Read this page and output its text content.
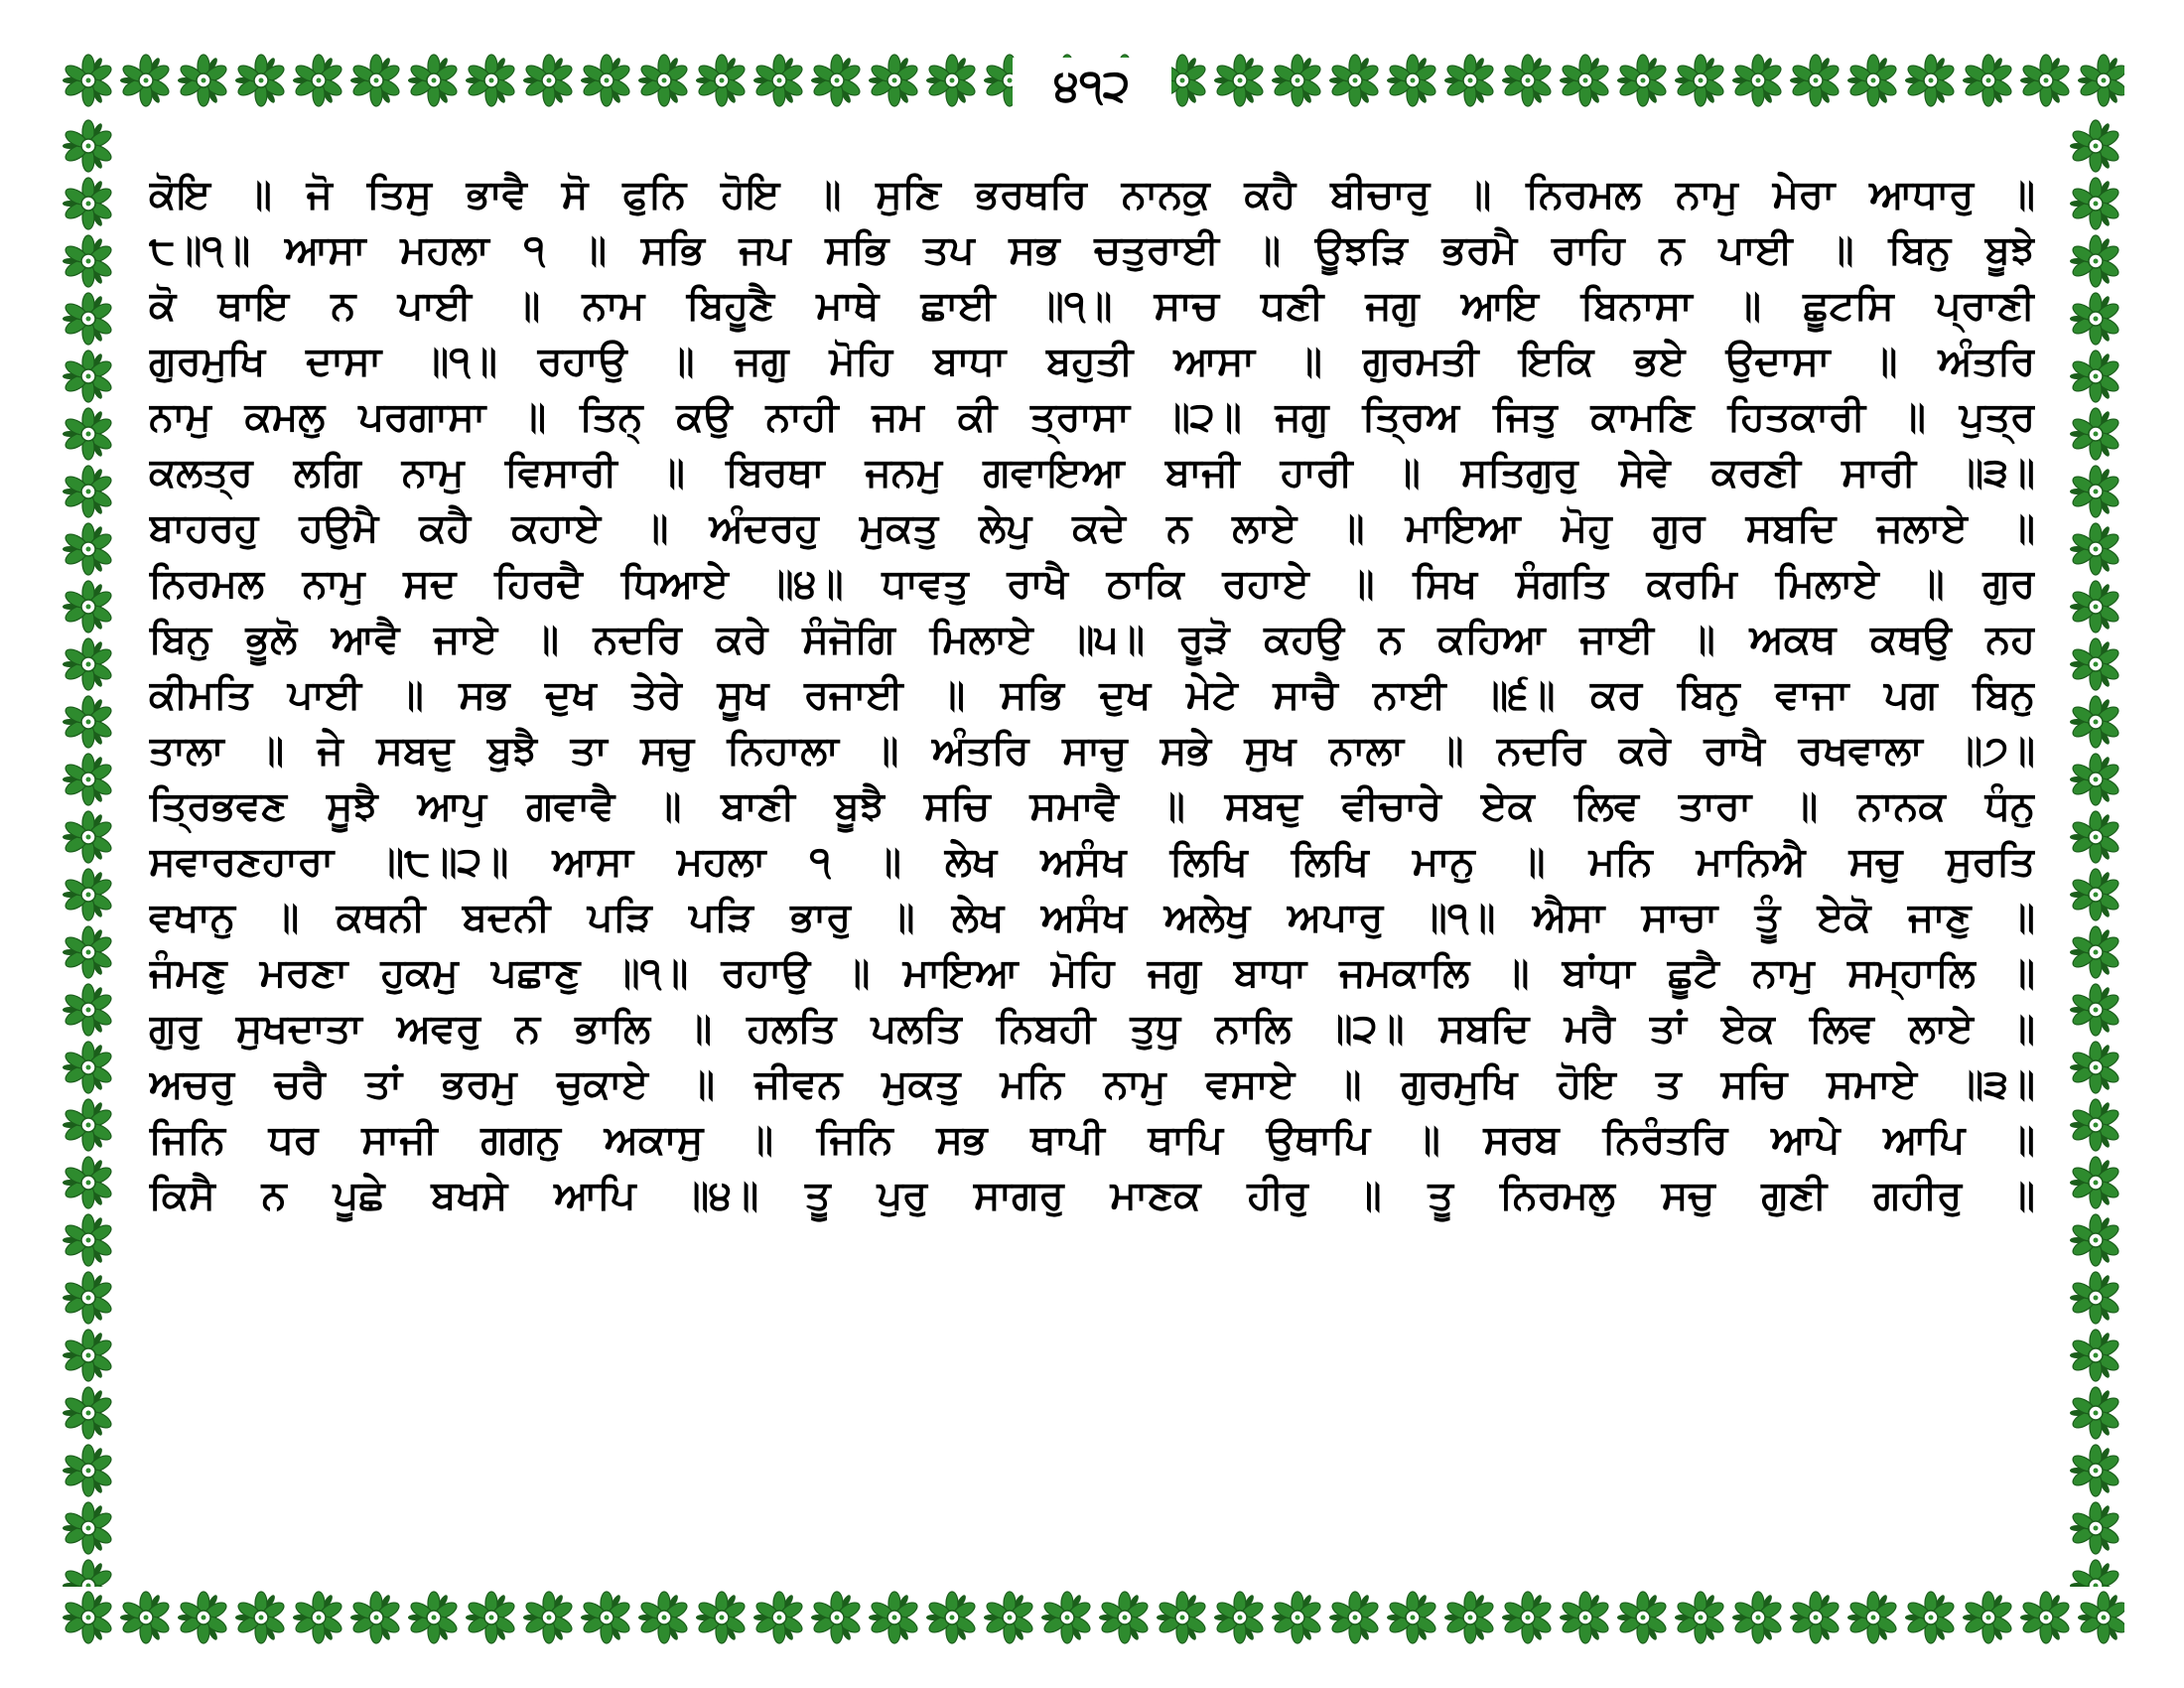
੪੧੨
ਕੋਇ ॥ ਜੋ ਤਿਸੁ ਭਾਵੈ ਸੋ ਫੁਨਿ ਹੋਇ ॥ ਸੁਣਿ ਭਰਥਰਿ ਨਾਨਕੁ ਕਹੈ ਬੀਚਾਰੁ ॥ ਨਿਰਮਲ ਨਾਮੁ ਮੇਰਾ ਆਧਾਰੁ ॥
੮॥੧॥ ਆਸਾ ਮਹਲਾ ੧ ॥ ਸਭਿ ਜਪ ਸਭਿ ਤਪ ਸਭ ਚਤੁਰਾਈ ॥ ਊਝੜਿ ਭਰਮੈ ਰਾਹਿ ਨ ਪਾਈ ॥ ਬਿਨੁ ਬੂਝੇ
ਕੋ ਥਾਇ ਨ ਪਾਈ ॥ ਨਾਮ ਬਿਹੂਣੈ ਮਾਥੇ ਛਾਈ ॥੧॥ ਸਾਚ ਧਣੀ ਜਗੁ ਆਇ ਬਿਨਾਸਾ ॥ ਛੂਟਸਿ ਪ੍ਰਾਣੀ
ਗੁਰਮੁਖਿ ਦਾਸਾ ॥੧॥ ਰਹਾਉ ॥ ਜਗੁ ਮੋਹਿ ਬਾਧਾ ਬਹੁਤੀ ਆਸਾ ॥ ਗੁਰਮਤੀ ਇਕਿ ਭਏ ਉਦਾਸਾ ॥ ਅੰਤਰਿ
ਨਾਮੁ ਕਮਲੁ ਪਰਗਾਸਾ ॥ ਤਿਨ੍ ਕਉ ਨਾਹੀ ਜਮ ਕੀ ਤ੍ਰਾਸਾ ॥੨॥ ਜਗੁ ਤ੍ਰਿਅ ਜਿਤੁ ਕਾਮਣਿ ਹਿਤਕਾਰੀ ॥ ਪੁਤ੍ਰ
ਕਲਤ੍ਰ ਲਗਿ ਨਾਮੁ ਵਿਸਾਰੀ ॥ ਬਿਰਥਾ ਜਨਮੁ ਗਵਾਇਆ ਬਾਜੀ ਹਾਰੀ ॥ ਸਤਿਗੁਰੁ ਸੇਵੇ ਕਰਣੀ ਸਾਰੀ ॥੩॥
ਬਾਹਰਹੁ ਹਉਮੈ ਕਹੈ ਕਹਾਏ ॥ ਅੰਦਰਹੁ ਮੁਕਤੁ ਲੇਪੁ ਕਦੇ ਨ ਲਾਏ ॥ ਮਾਇਆ ਮੋਹੁ ਗੁਰ ਸਬਦਿ ਜਲਾਏ ॥
ਨਿਰਮਲ ਨਾਮੁ ਸਦ ਹਿਰਦੈ ਧਿਆਏ ॥੪॥ ਧਾਵਤੁ ਰਾਖੈ ਠਾਕਿ ਰਹਾਏ ॥ ਸਿਖ ਸੰਗਤਿ ਕਰਮਿ ਮਿਲਾਏ ॥ ਗੁਰ
ਬਿਨੁ ਭੂਲੋ ਆਵੈ ਜਾਏ ॥ ਨਦਰਿ ਕਰੇ ਸੰਜੋਗਿ ਮਿਲਾਏ ॥੫॥ ਰੂੜੋ ਕਹਉ ਨ ਕਹਿਆ ਜਾਈ ॥ ਅਕਥ ਕਥਉ ਨਹ
ਕੀਮਤਿ ਪਾਈ ॥ ਸਭ ਦੁਖ ਤੇਰੇ ਸੂਖ ਰਜਾਈ ॥ ਸਭਿ ਦੁਖ ਮੇਟੇ ਸਾਚੈ ਨਾਈ ॥੬॥ ਕਰ ਬਿਨੁ ਵਾਜਾ ਪਗ ਬਿਨੁ
ਤਾਲਾ ॥ ਜੇ ਸਬਦੁ ਬੁਝੈ ਤਾ ਸਚੁ ਨਿਹਾਲਾ ॥ ਅੰਤਰਿ ਸਾਚੁ ਸਭੇ ਸੁਖ ਨਾਲਾ ॥ ਨਦਰਿ ਕਰੇ ਰਾਖੈ ਰਖਵਾਲਾ ॥੭॥
ਤ੍ਰਿਭਵਣ ਸੂਝੈ ਆਪੁ ਗਵਾਵੈ ॥ ਬਾਣੀ ਬੂਝੈ ਸਚਿ ਸਮਾਵੈ ॥ ਸਬਦੁ ਵੀਚਾਰੇ ਏਕ ਲਿਵ ਤਾਰਾ ॥ ਨਾਨਕ ਧੰਨੁ
ਸਵਾਰਣਹਾਰਾ ॥੮॥੨॥ ਆਸਾ ਮਹਲਾ ੧ ॥ ਲੇਖ ਅਸੰਖ ਲਿਖਿ ਲਿਖਿ ਮਾਨੁ ॥ ਮਨਿ ਮਾਨਿਐ ਸਚੁ ਸੁਰਤਿ
ਵਖਾਨੁ ॥ ਕਥਨੀ ਬਦਨੀ ਪੜਿ ਪੜਿ ਭਾਰੁ ॥ ਲੇਖ ਅਸੰਖ ਅਲੇਖੁ ਅਪਾਰੁ ॥੧॥ ਐਸਾ ਸਾਚਾ ਤੂੰ ਏਕੋ ਜਾਣੁ ॥
ਜੰਮਣੁ ਮਰਣਾ ਹੁਕਮੁ ਪਛਾਣੁ ॥੧॥ ਰਹਾਉ ॥ ਮਾਇਆ ਮੋਹਿ ਜਗੁ ਬਾਧਾ ਜਮਕਾਲਿ ॥ ਬਾਂਧਾ ਛੂਟੈ ਨਾਮੁ ਸਮ੍ਹਾਲਿ ॥
ਗੁਰੁ ਸੁਖਦਾਤਾ ਅਵਰੁ ਨ ਭਾਲਿ ॥ ਹਲਤਿ ਪਲਤਿ ਨਿਬਹੀ ਤੁਧੁ ਨਾਲਿ ॥੨॥ ਸਬਦਿ ਮਰੈ ਤਾਂ ਏਕ ਲਿਵ ਲਾਏ ॥
ਅਚਰੁ ਚਰੈ ਤਾਂ ਭਰਮੁ ਚੁਕਾਏ ॥ ਜੀਵਨ ਮੁਕਤੁ ਮਨਿ ਨਾਮੁ ਵਸਾਏ ॥ ਗੁਰਮੁਖਿ ਹੋਇ ਤ ਸਚਿ ਸਮਾਏ ॥੩॥
ਜਿਨਿ ਧਰ ਸਾਜੀ ਗਗਨੁ ਅਕਾਸੁ ॥ ਜਿਨਿ ਸਭ ਥਾਪੀ ਥਾਪਿ ਉਥਾਪਿ ॥ ਸਰਬ ਨਿਰੰਤਰਿ ਆਪੇ ਆਪਿ ॥
ਕਿਸੈ ਨ ਪੂਛੇ ਬਖਸੇ ਆਪਿ ॥੪॥ ਤੂ ਪੁਰੁ ਸਾਗਰੁ ਮਾਣਕ ਹੀਰੁ ॥ ਤੂ ਨਿਰਮਲੁ ਸਚੁ ਗੁਣੀ ਗਹੀਰੁ ॥
